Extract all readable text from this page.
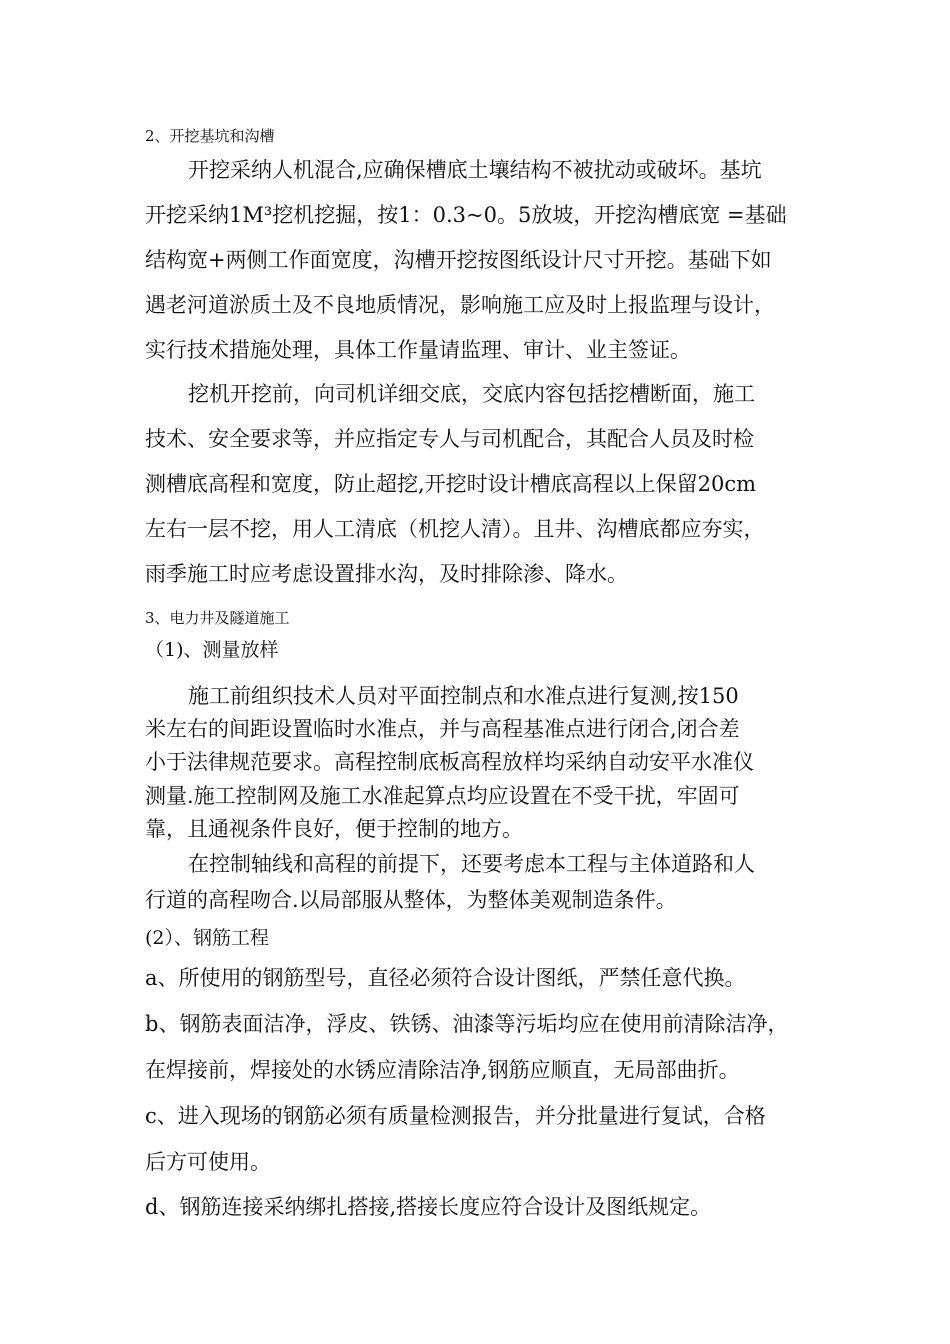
2、开挖基坑和沟槽
开挖采纳人机混合,应确保槽底土壤结构不被扰动或破坏。基坑
开挖采纳1M³挖机挖掘，按1：0.3~0。5放坡，开挖沟槽底宽 =基础
结构宽+两侧工作面宽度，沟槽开挖按图纸设计尺寸开挖。基础下如
遇老河道淤质土及不良地质情况，影响施工应及时上报监理与设计，
实行技术措施处理，具体工作量请监理、审计、业主签证。
挖机开挖前，向司机详细交底，交底内容包括挖槽断面，施工
技术、安全要求等，并应指定专人与司机配合，其配合人员及时检
测槽底高程和宽度，防止超挖,开挖时设计槽底高程以上保留20cm
左右一层不挖，用人工清底（机挖人清）。且井、沟槽底都应夯实，
雨季施工时应考虑设置排水沟，及时排除渗、降水。
3、电力井及隧道施工
（1)、测量放样
施工前组织技术人员对平面控制点和水准点进行复测,按150
米左右的间距设置临时水准点，并与高程基准点进行闭合,闭合差
小于法律规范要求。高程控制底板高程放样均采纳自动安平水准仪
测量.施工控制网及施工水准起算点均应设置在不受干扰，牢固可
靠，且通视条件良好，便于控制的地方。
在控制轴线和高程的前提下，还要考虑本工程与主体道路和人
行道的高程吻合.以局部服从整体，为整体美观制造条件。
(2）、钢筋工程
a、所使用的钢筋型号，直径必须符合设计图纸，严禁任意代换。
b、钢筋表面洁净，浮皮、铁锈、油漆等污垢均应在使用前清除洁净，
在焊接前，焊接处的水锈应清除洁净,钢筋应顺直，无局部曲折。
c、进入现场的钢筋必须有质量检测报告，并分批量进行复试，合格
后方可使用。
d、钢筋连接采纳绑扎搭接,搭接长度应符合设计及图纸规定。
